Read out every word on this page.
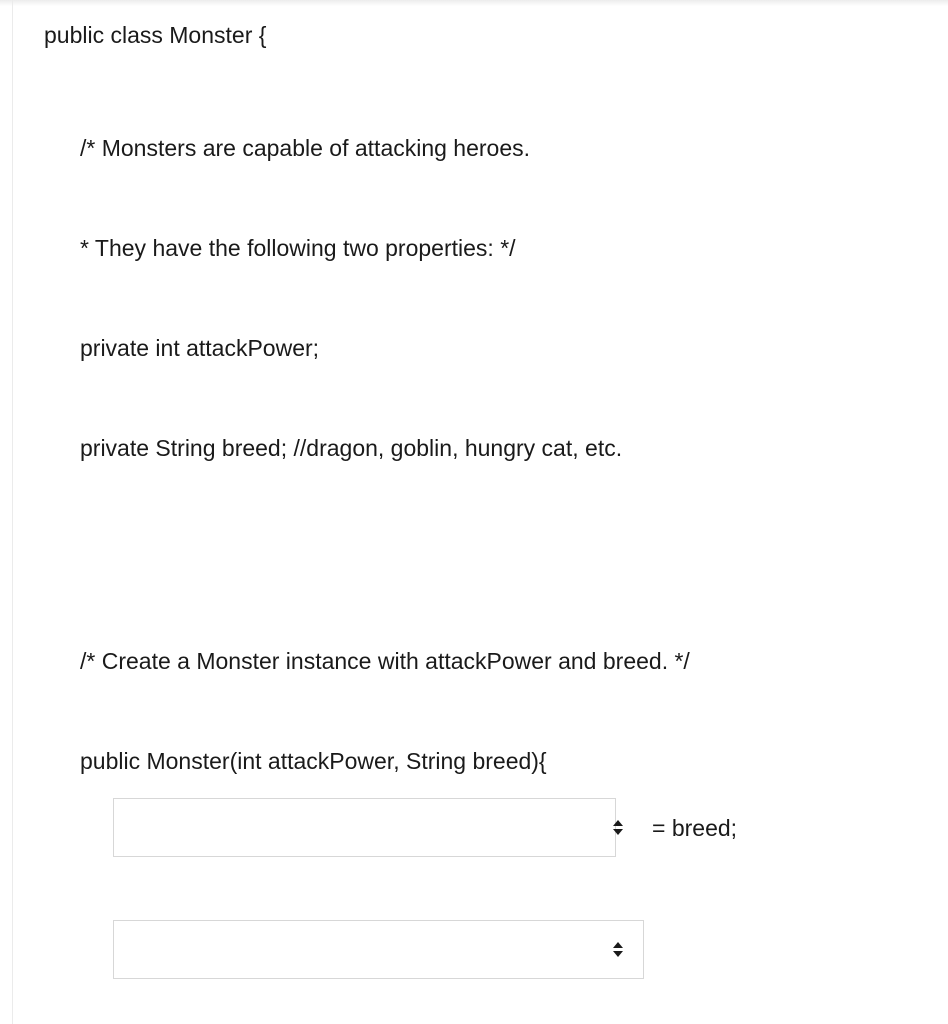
public class Monster {
/* Monsters are capable of attacking heroes.
* They have the following two properties: */
private int attackPower;
private String breed; //dragon, goblin, hungry cat, etc.
/* Create a Monster instance with attackPower and breed. */
public Monster(int attackPower, String breed){
= breed;
